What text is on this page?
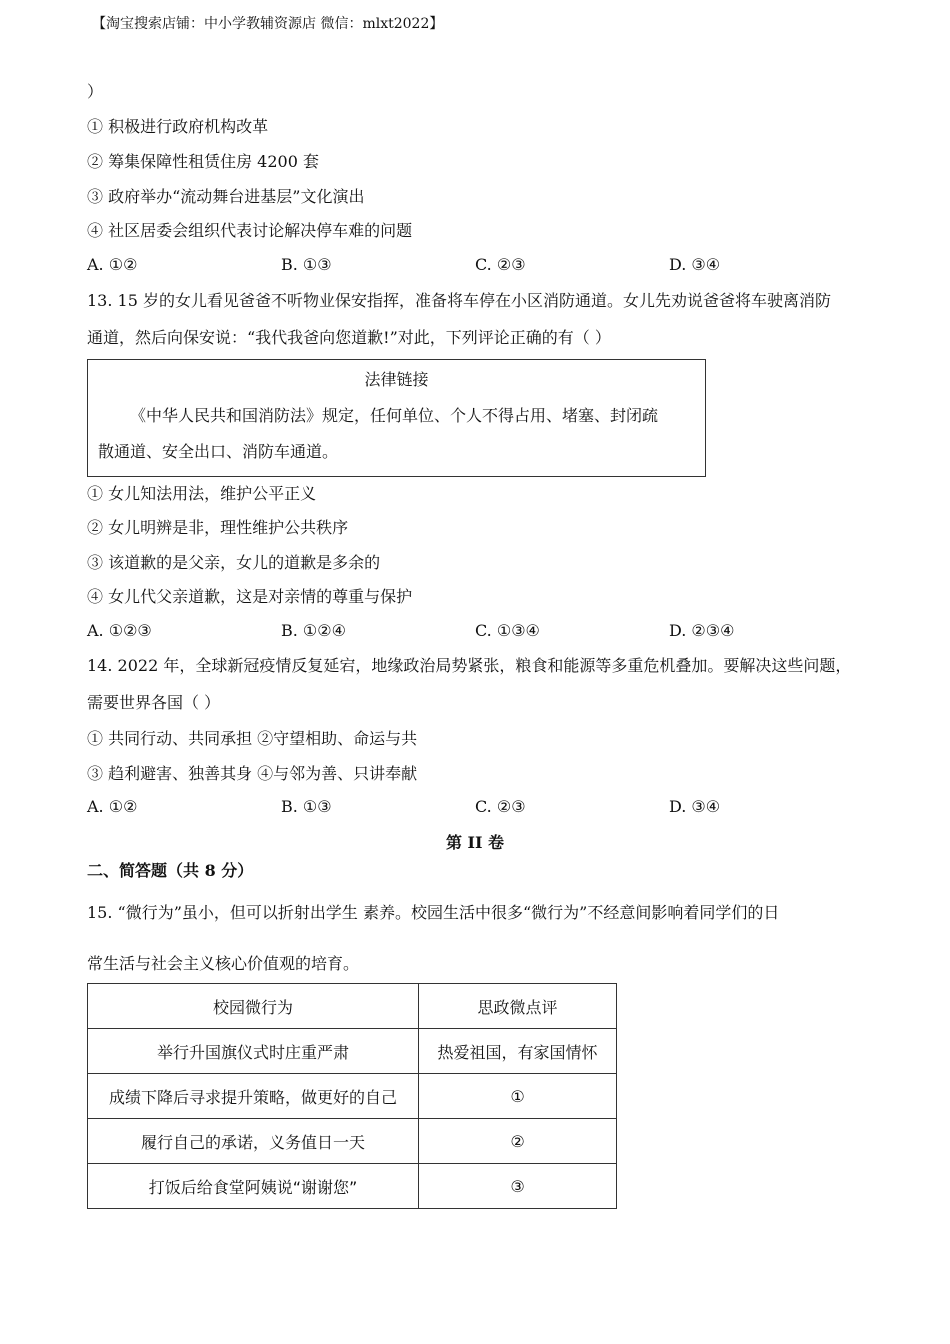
【淘宝搜索店铺：中小学教辅资源店 微信：mlxt2022】
）
① 积极进行政府机构改革
② 筹集保障性租赁住房 4200 套
③ 政府举办“流动舞台进基层”文化演出
④ 社区居委会组织代表讨论解决停车难的问题
A. ①②	B. ①③	C. ②③	D. ③④
13. 15 岁的女儿看见爸爸不听物业保安指挥，准备将车停在小区消防通道。女儿先劝说爸爸将车驶离消防
通道，然后向保安说：“我代我爸向您道歉!”对此，下列评论正确的有（ ）
法律链接
《中华人民共和国消防法》规定，任何单位、个人不得占用、堵塞、封闭疏
散通道、安全出口、消防车通道。
① 女儿知法用法，维护公平正义
② 女儿明辨是非，理性维护公共秩序
③ 该道歉的是父亲，女儿的道歉是多余的
④ 女儿代父亲道歉，这是对亲情的尊重与保护
A. ①②③	B. ①②④	C. ①③④	D. ②③④
14. 2022 年，全球新冠疫情反复延宕，地缘政治局势紧张，粮食和能源等多重危机叠加。要解决这些问题，
需要世界各国（ ）
① 共同行动、共同承担 ②守望相助、命运与共
③ 趋利避害、独善其身 ④与邻为善、只讲奉献
A. ①②	B. ①③	C. ②③	D. ③④
第 II 卷
二、简答题（共 8 分）
15. “微行为”虽小，但可以折射出学生 素养。校园生活中很多“微行为”不经意间影响着同学们的日
常生活与社会主义核心价值观的培育。
校园微行为	思政微点评
举行升国旗仪式时庄重严肃	热爱祖国，有家国情怀
成绩下降后寻求提升策略，做更好的自己	①
履行自己的承诺，义务值日一天	②
打饭后给食堂阿姨说“谢谢您”	③
